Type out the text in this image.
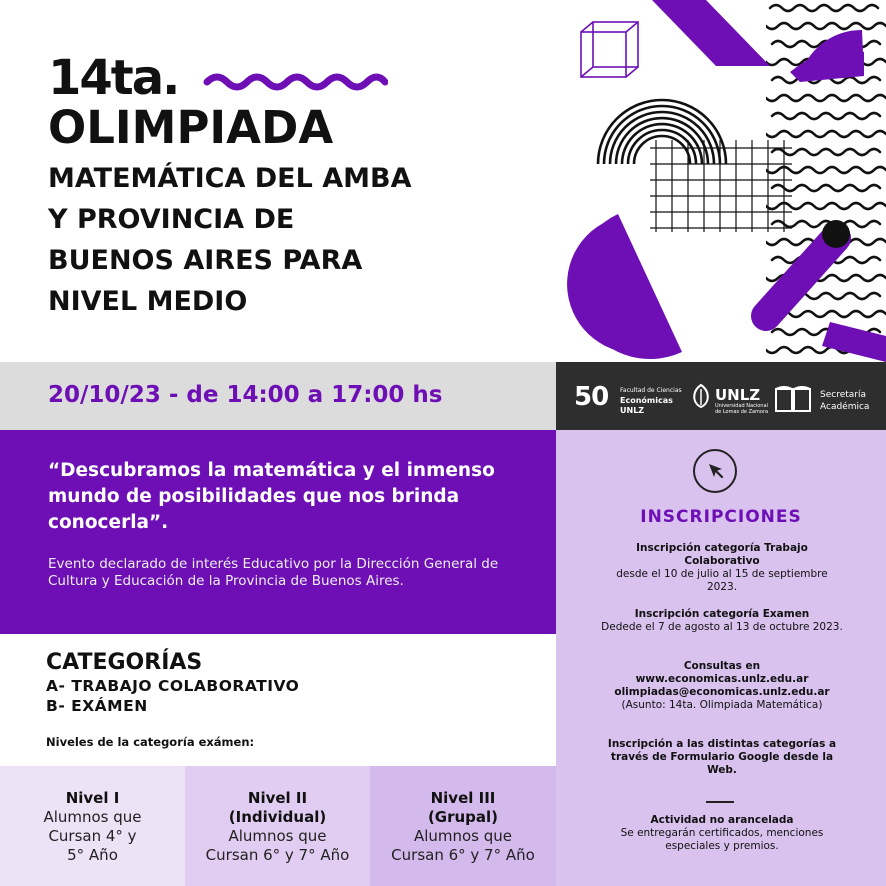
14ta.
OLIMPIADA
MATEMÁTICA DEL AMBA
Y PROVINCIA DE
BUENOS AIRES PARA
NIVEL MEDIO
20/10/23 - de 14:00 a 17:00 hs	50 Facultad de Ciencias
Económicas
UNLZ
UNLZ
Universidad Nacional de Lomas de Zamora
Secretaría
Académica
“Descubramos la matemática y el inmenso mundo de posibilidades que nos brinda conocerla”.
Evento declarado de interés Educativo por la Dirección General de Cultura y Educación de la Provincia de Buenos Aires.
CATEGORÍAS
A- TRABAJO COLABORATIVO
B- EXÁMEN
Niveles de la categoría exámen:
Nivel I
Alumnos que
Cursan 4° y
5° Año
Nivel II
(Individual)
Alumnos que
Cursan 6° y 7° Año
Nivel III
(Grupal)
Alumnos que
Cursan 6° y 7° Año
INSCRIPCIONES
Inscripción categoría Trabajo Colaborativo
desde el 10 de julio al 15 de septiembre 2023.
Inscripción categoría Examen
Dedede el 7 de agosto al 13 de octubre 2023.
Consultas en
www.economicas.unlz.edu.ar
olimpiadas@economicas.unlz.edu.ar
(Asunto: 14ta. Olimpiada Matemática)
Inscripción a las distintas categorías a través de Formulario Google desde la Web.
Actividad no arancelada
Se entregarán certificados, menciones especiales y premios.
